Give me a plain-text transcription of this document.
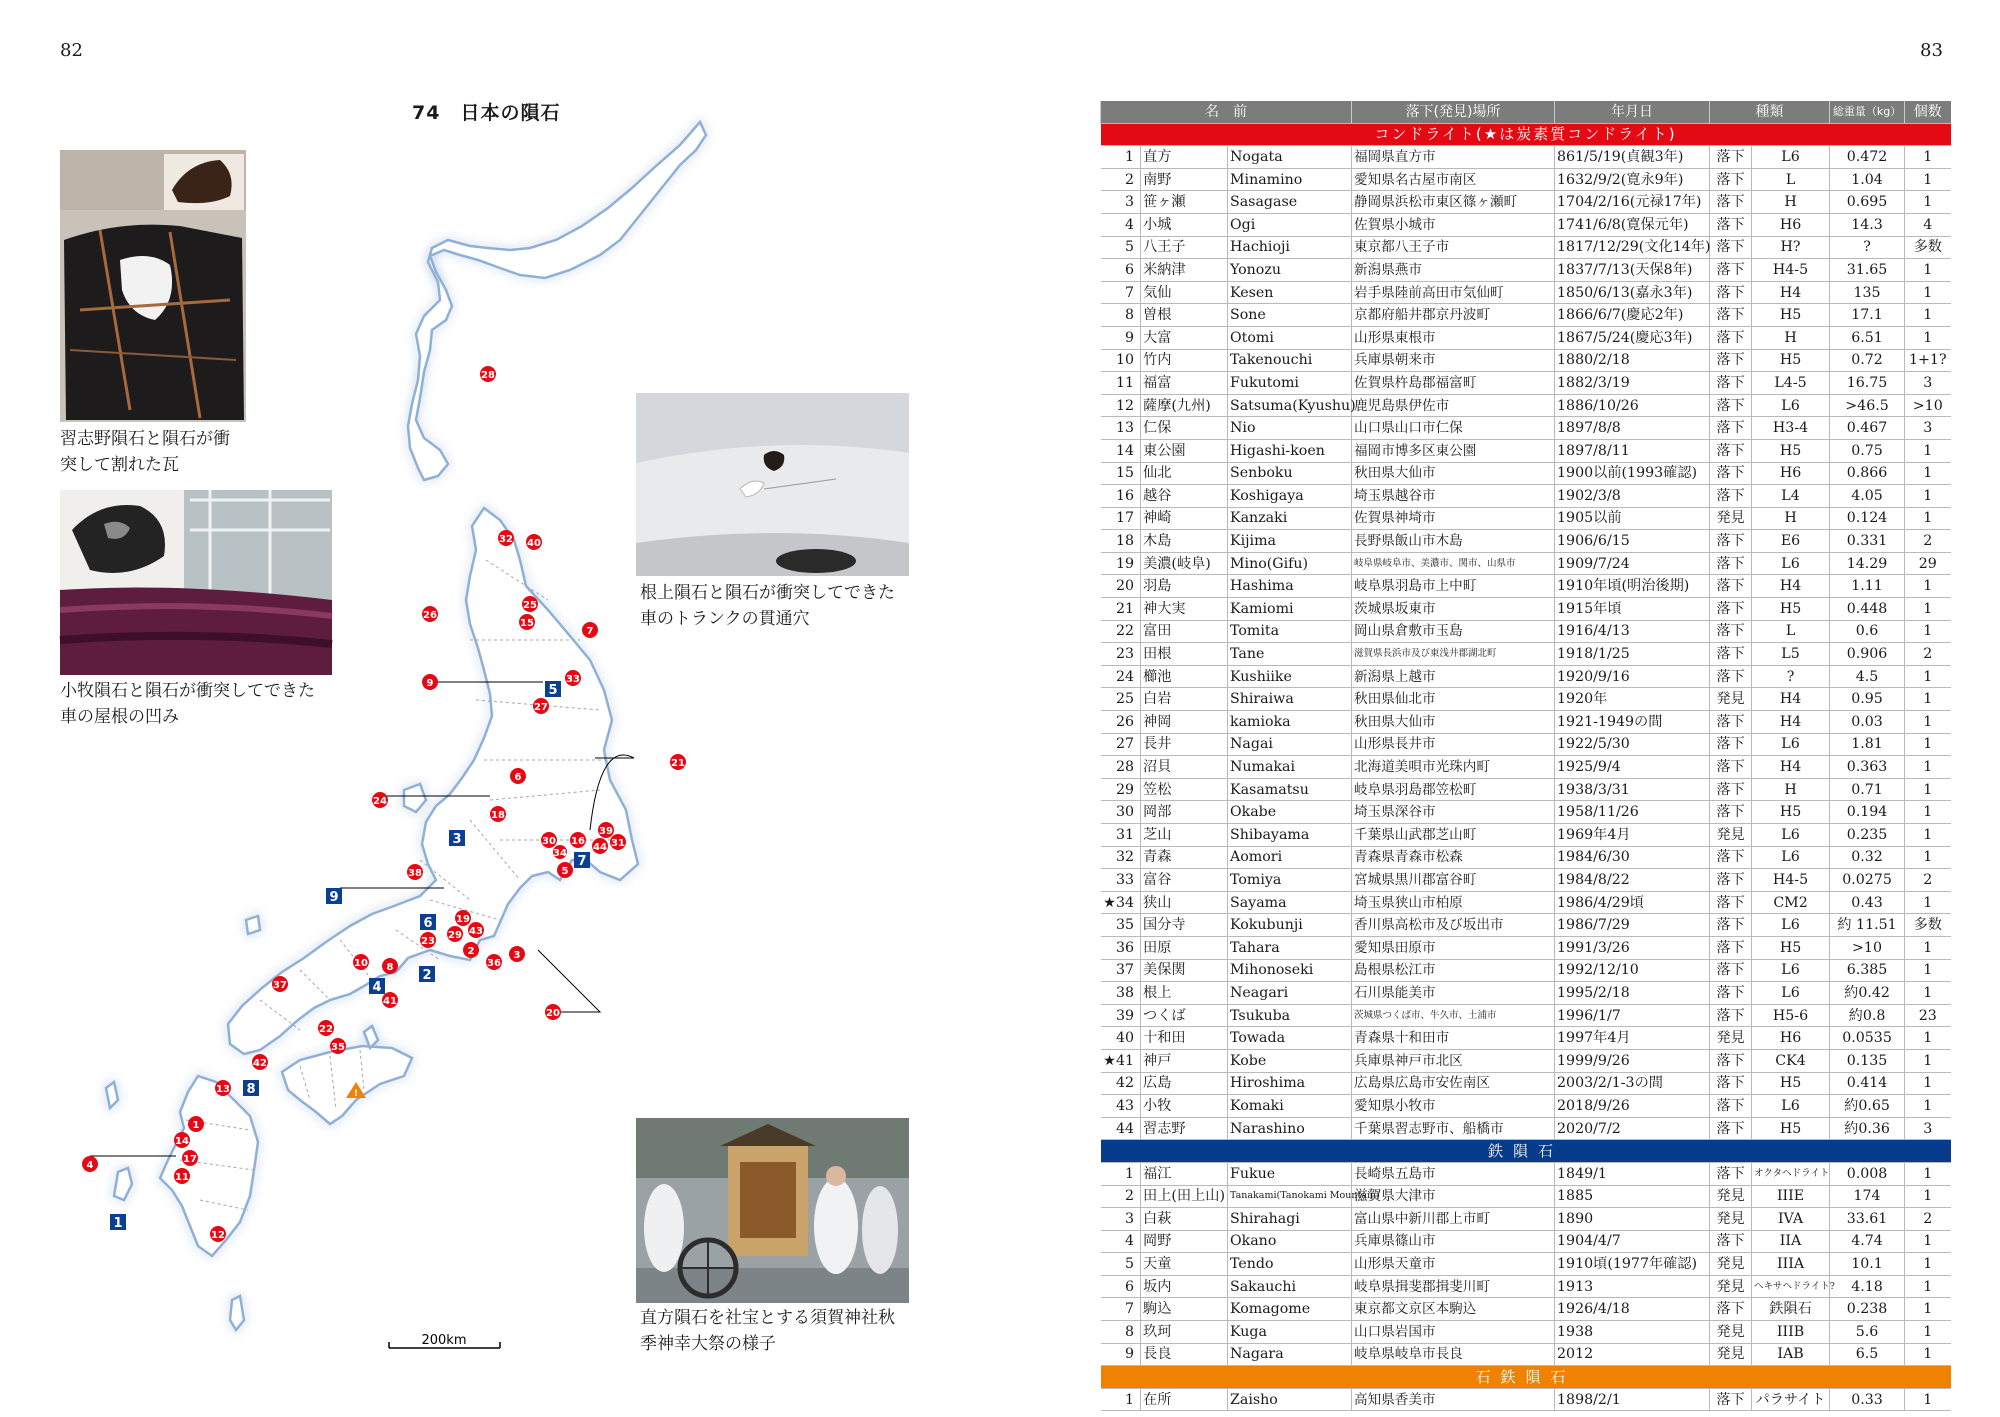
82	83
74　日本の隕石
習志野隕石と隕石が衝
突して割れた瓦
小牧隕石と隕石が衝突してできた
車の屋根の凹み
根上隕石と隕石が衝突してできた
車のトランクの貫通穴
直方隕石を社宝とする須賀神社秋
季神幸大祭の様子
28
32 40
26
25
15
7
9	33
27
21
6
24
18
39
30 16
44 31
34
5
38
19
29 43
23
2	3
36
10 8
37
41
20
22
35
42
13
1
14
17
4
11
12
5
3
7
9
6
2
4
8
1
!
200km
名　前			落下(発見)場所	年月日	種類		総重量（kg）	個数
コンドライト(★は炭素質コンドライト)								
1	直方	Nogata	福岡県直方市	861/5/19(貞観3年)	落下	L6	0.472	1
2	南野	Minamino	愛知県名古屋市南区	1632/9/2(寛永9年)	落下	L	1.04	1
3	笹ヶ瀬	Sasagase	静岡県浜松市東区篠ヶ瀬町	1704/2/16(元禄17年)	落下	H	0.695	1
4	小城	Ogi	佐賀県小城市	1741/6/8(寛保元年)	落下	H6	14.3	4
5	八王子	Hachioji	東京都八王子市	1817/12/29(文化14年)	落下	H?	?	多数
6	米納津	Yonozu	新潟県燕市	1837/7/13(天保8年)	落下	H4-5	31.65	1
7	気仙	Kesen	岩手県陸前高田市気仙町	1850/6/13(嘉永3年)	落下	H4	135	1
8	曽根	Sone	京都府船井郡京丹波町	1866/6/7(慶応2年)	落下	H5	17.1	1
9	大富	Otomi	山形県東根市	1867/5/24(慶応3年)	落下	H	6.51	1
10	竹内	Takenouchi	兵庫県朝来市	1880/2/18	落下	H5	0.72	1+1?
11	福富	Fukutomi	佐賀県杵島郡福富町	1882/3/19	落下	L4-5	16.75	3
12	薩摩(九州)	Satsuma(Kyushu)	鹿児島県伊佐市	1886/10/26	落下	L6	>46.5	>10
13	仁保	Nio	山口県山口市仁保	1897/8/8	落下	H3-4	0.467	3
14	東公園	Higashi-koen	福岡市博多区東公園	1897/8/11	落下	H5	0.75	1
15	仙北	Senboku	秋田県大仙市	1900以前(1993確認)	落下	H6	0.866	1
16	越谷	Koshigaya	埼玉県越谷市	1902/3/8	落下	L4	4.05	1
17	神崎	Kanzaki	佐賀県神埼市	1905以前	発見	H	0.124	1
18	木島	Kijima	長野県飯山市木島	1906/6/15	落下	E6	0.331	2
19	美濃(岐阜)	Mino(Gifu)	岐阜県岐阜市、美濃市、関市、山県市	1909/7/24	落下	L6	14.29	29
20	羽島	Hashima	岐阜県羽島市上中町	1910年頃(明治後期)	落下	H4	1.11	1
21	神大実	Kamiomi	茨城県坂東市	1915年頃	落下	H5	0.448	1
22	富田	Tomita	岡山県倉敷市玉島	1916/4/13	落下	L	0.6	1
23	田根	Tane	滋賀県長浜市及び東浅井郡湖北町	1918/1/25	落下	L5	0.906	2
24	櫛池	Kushiike	新潟県上越市	1920/9/16	落下	?	4.5	1
25	白岩	Shiraiwa	秋田県仙北市	1920年	発見	H4	0.95	1
26	神岡	kamioka	秋田県大仙市	1921-1949の間	落下	H4	0.03	1
27	長井	Nagai	山形県長井市	1922/5/30	落下	L6	1.81	1
28	沼貝	Numakai	北海道美唄市光珠内町	1925/9/4	落下	H4	0.363	1
29	笠松	Kasamatsu	岐阜県羽島郡笠松町	1938/3/31	落下	H	0.71	1
30	岡部	Okabe	埼玉県深谷市	1958/11/26	落下	H5	0.194	1
31	芝山	Shibayama	千葉県山武郡芝山町	1969年4月	発見	L6	0.235	1
32	青森	Aomori	青森県青森市松森	1984/6/30	落下	L6	0.32	1
33	富谷	Tomiya	宮城県黒川郡富谷町	1984/8/22	落下	H4-5	0.0275	2
★34	狭山	Sayama	埼玉県狭山市柏原	1986/4/29頃	落下	CM2	0.43	1
35	国分寺	Kokubunji	香川県高松市及び坂出市	1986/7/29	落下	L6	約 11.51	多数
36	田原	Tahara	愛知県田原市	1991/3/26	落下	H5	>10	1
37	美保関	Mihonoseki	島根県松江市	1992/12/10	落下	L6	6.385	1
38	根上	Neagari	石川県能美市	1995/2/18	落下	L6	約0.42	1
39	つくば	Tsukuba	茨城県つくば市、牛久市、土浦市	1996/1/7	落下	H5-6	約0.8	23
40	十和田	Towada	青森県十和田市	1997年4月	発見	H6	0.0535	1
★41	神戸	Kobe	兵庫県神戸市北区	1999/9/26	落下	CK4	0.135	1
42	広島	Hiroshima	広島県広島市安佐南区	2003/2/1-3の間	落下	H5	0.414	1
43	小牧	Komaki	愛知県小牧市	2018/9/26	落下	L6	約0.65	1
44	習志野	Narashino	千葉県習志野市、船橋市	2020/7/2	落下	H5	約0.36	3
鉄隕石								
1	福江	Fukue	長崎県五島市	1849/1	落下	オクタヘドライト	0.008	1
2	田上(田上山)	Tanakami(Tanokami Mountain)	滋賀県大津市	1885	発見	IIIE	174	1
3	白萩	Shirahagi	富山県中新川郡上市町	1890	発見	IVA	33.61	2
4	岡野	Okano	兵庫県篠山市	1904/4/7	落下	IIA	4.74	1
5	天童	Tendo	山形県天童市	1910頃(1977年確認)	発見	IIIA	10.1	1
6	坂内	Sakauchi	岐阜県揖斐郡揖斐川町	1913	発見	ヘキサヘドライト?	4.18	1
7	駒込	Komagome	東京都文京区本駒込	1926/4/18	落下	鉄隕石	0.238	1
8	玖珂	Kuga	山口県岩国市	1938	発見	IIIB	5.6	1
9	長良	Nagara	岐阜県岐阜市長良	2012	発見	IAB	6.5	1
石鉄隕石								
1	在所	Zaisho	高知県香美市	1898/2/1	落下	パラサイト	0.33	1
